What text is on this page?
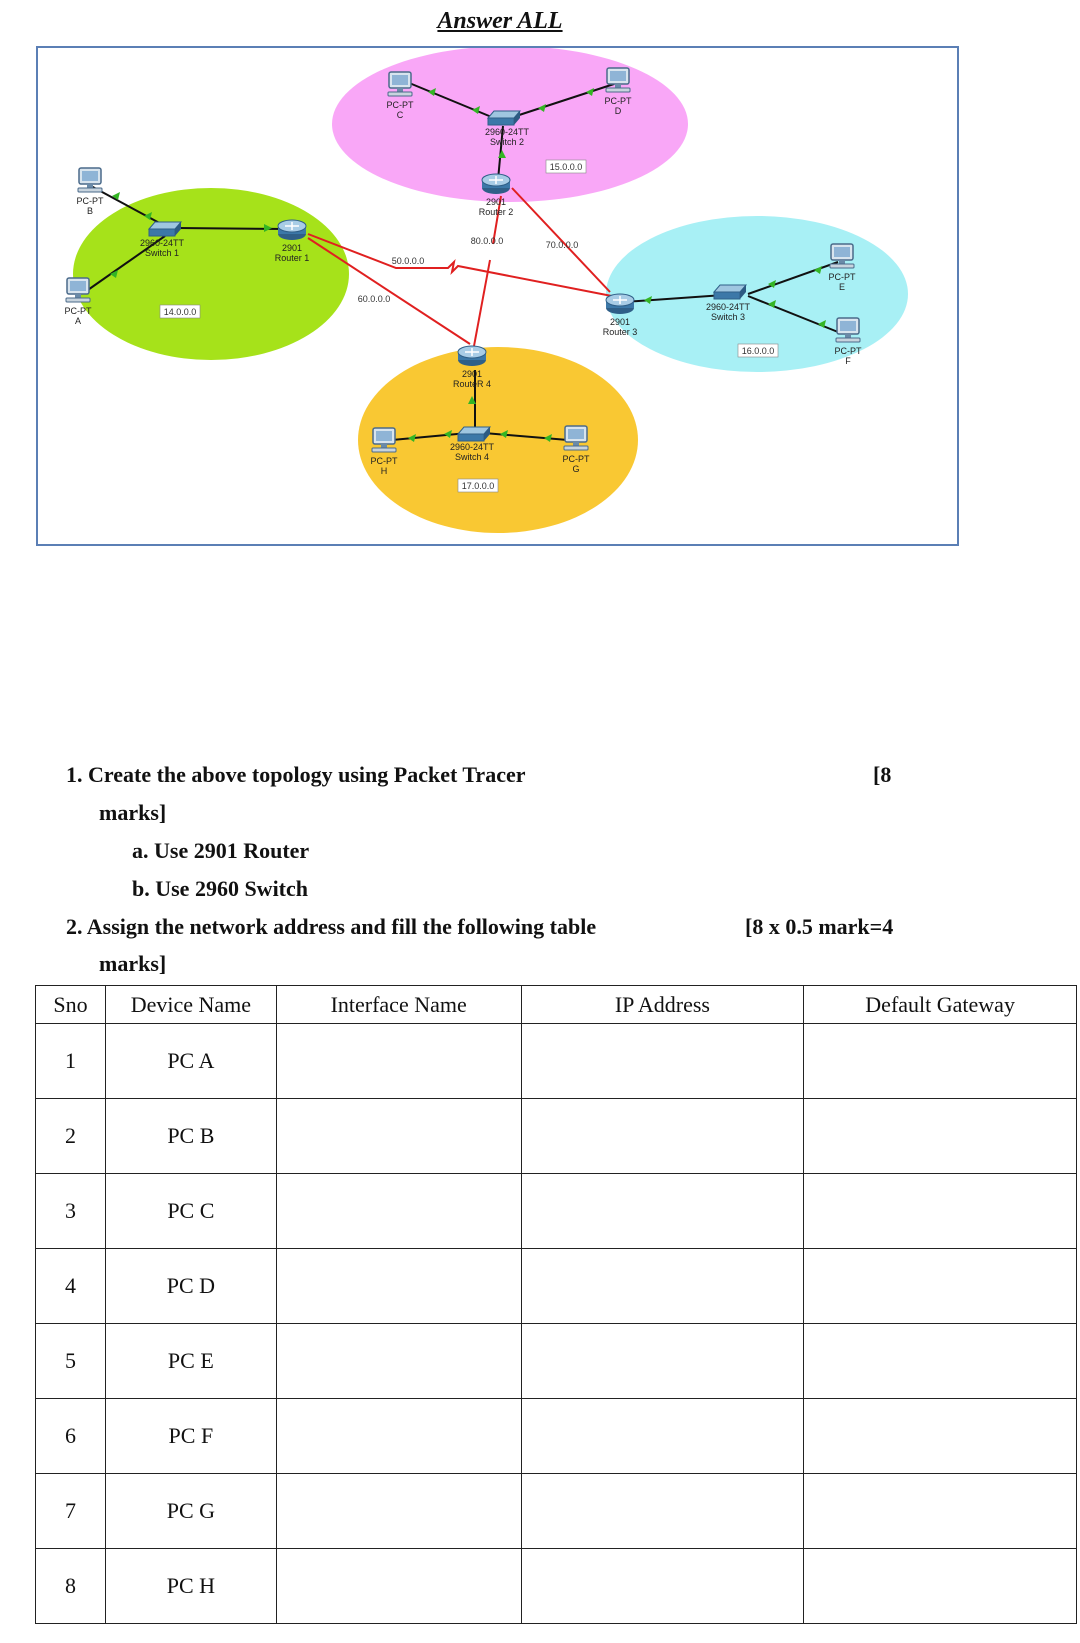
Answer ALL
14.0.0.0
15.0.0.0
16.0.0.0
17.0.0.0
50.0.0.0
60.0.0.0
70.0.0.0
80.0.0.0
PC-PT
A
PC-PT
B
PC-PT
C
PC-PT
D
PC-PT
E
PC-PT
F
PC-PT
G
PC-PT
H
2960-24TT
Switch 1
2960-24TT
Switch 2
2960-24TT
Switch 3
2960-24TT
Switch 4
2901
Router 1
2901
Router 2
2901
Router 3
2901
RouteR 4
1. Create the above topology using Packet Tracer	[8
marks]
a. Use 2901 Router
b. Use 2960 Switch
2. Assign the network address and fill the following table	[8 x 0.5 mark=4
marks]
Sno	Device Name	Interface Name	IP Address	Default Gateway
1	PC A			
2	PC B			
3	PC C			
4	PC D			
5	PC E			
6	PC F			
7	PC G			
8	PC H			
